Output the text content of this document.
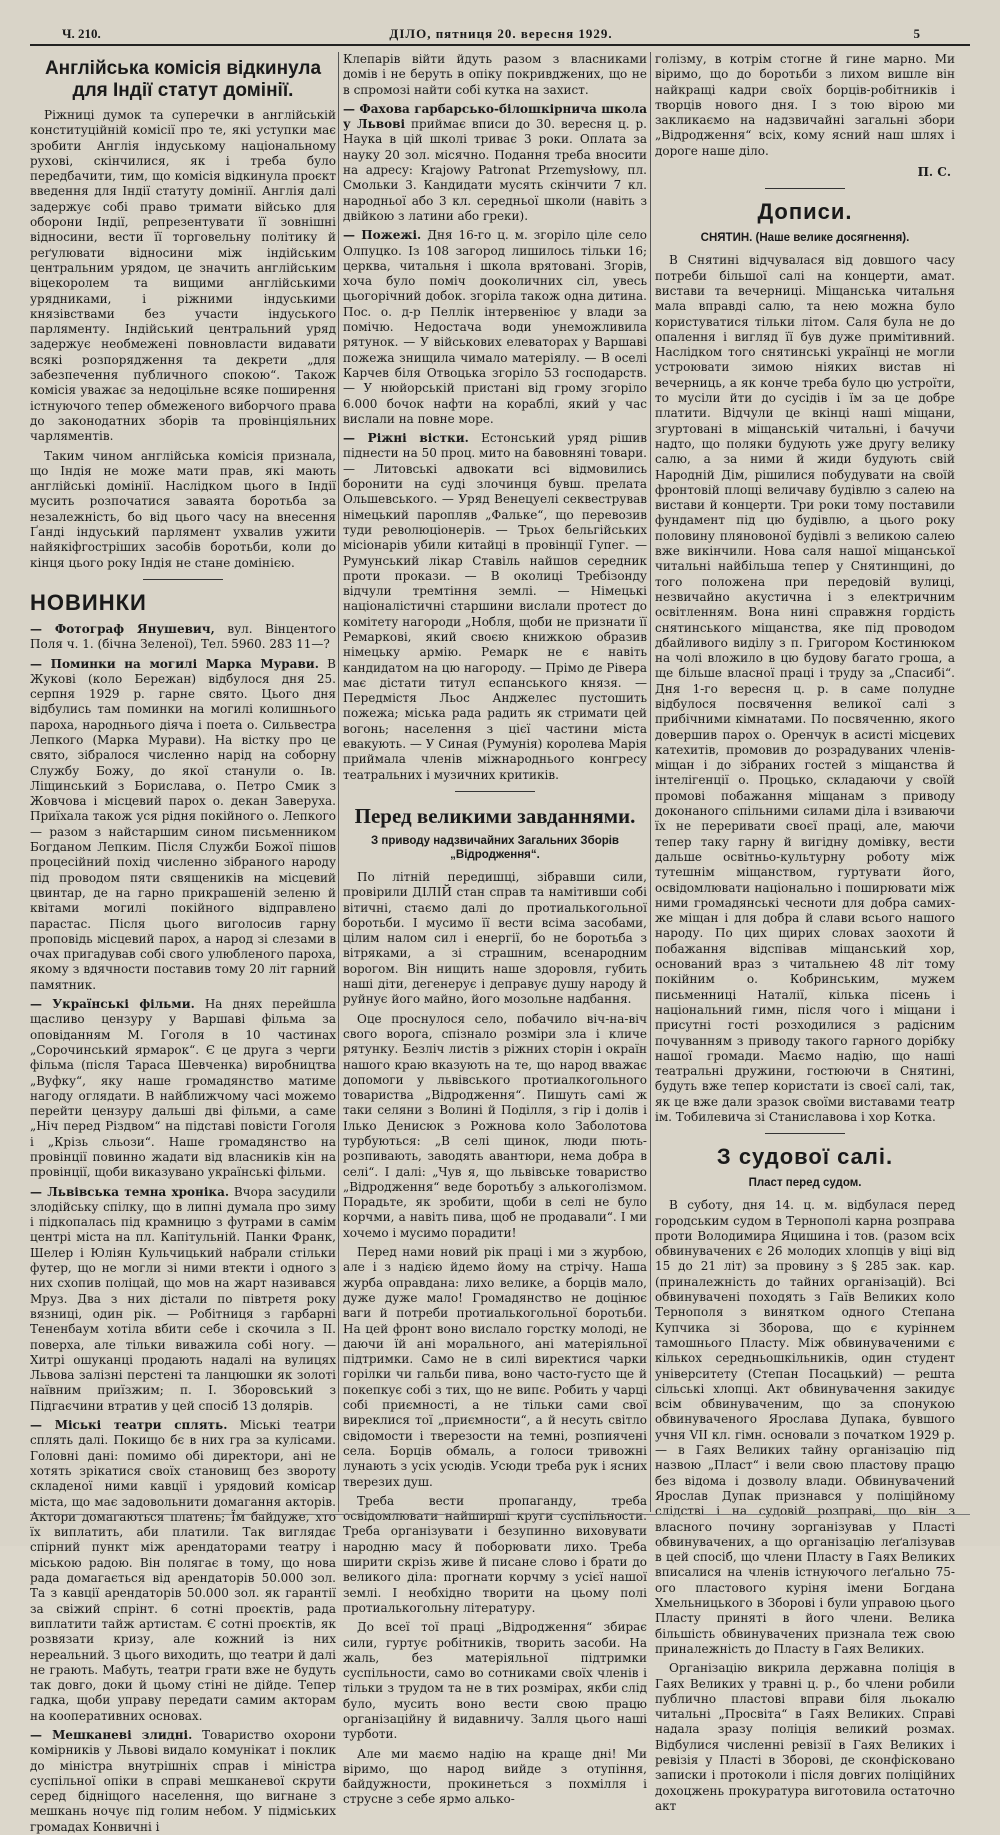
Ч. 210.	ДІЛО, пятниця 20. вересня 1929.	5
Англійська комісія відкинула для Індії статут домінії.

Ріжниці думок та суперечки в англійській конституційній комісії про те, які уступки має зробити Англія індуському національному рухові, скінчилися, як і треба було передбачити, тим, що комісія відкинула проєкт введення для Індії статуту домінії. Англія далі задержує собі право тримати військо для оборони Індії, репрезентувати її зовнішні відносини, вести її торговельну політику й реґулювати відносини між індійським центральним урядом, це значить англійським віцекоролем та вищими англійськими урядниками, і ріжними індуськими князівствами без участи індуського парляменту. Індійський центральний уряд задержує необмежені повновласти видавати всякі розпорядження та декрети „для забезпечення публичного спокою“. Також комісія уважає за недоцільне всяке поширення істнуючого тепер обмеженого виборчого права до законодатних зборів та провінціяльних чарляментів.

Таким чином англійська комісія признала, що Індія не може мати прав, які мають англійські домінії. Наслідком цього в Індії мусить розпочатися заваята боротьба за незалежність, бо від цього часу на внесення Ґанді індуський парлямент ухвалив ужити найякіфгостріших засобів боротьби, коли до кінця цього року Індія не стане домінією.

НОВИНКИ

— Фотограф Янушевич, вул. Вінцентого Поля ч. 1. (бічна Зеленої), Тел. 5960. 283 11—?

— Поминки на могилі Марка Мурави. В Жукові (коло Бережан) відбулося дня 25. серпня 1929 р. гарне свято. Цього дня відбулись там поминки на могилі колишнього пароха, народнього діяча і поета о. Сильвестра Лепкого (Марка Мурави). На вістку про це свято, зібралося численно нарід на соборну Службу Божу, до якої станули о. Ів. Ліщинський з Борислава, о. Петро Смик з Жовчова і місцевий парох о. декан Заверуха. Приїхала також уся рідня покійного о. Лепкого — разом з найстаршим сином письменником Богданом Лепким. Після Служби Божої пішов процесійний похід численно зібраного народу під проводом пяти священиків на місцевий цвинтар, де на гарно прикрашеній зеленю й квітами могилі покійного відправлено парастас. Після цього виголосив гарну проповідь місцевий парох, а народ зі слезами в очах пригадував собі свого улюбленого пароха, якому з вдячности поставив тому 20 літ гарний памятник.

— Українські фільми. На днях перейшла щасливо цензуру у Варшаві фільма за оповіданням М. Гоголя в 10 частинах „Сорочинський ярмарок“. Є це друга з черги фільма (після Тараса Шевченка) виробництва „Вуфку“, яку наше громадянство матиме нагоду оглядати. В найближчому часі можемо перейти цензуру дальші дві фільми, а саме „Ніч перед Різдвом“ на підставі повісти Гоголя і „Крізь сльози“. Наше громадянство на провінції повинно жадати від власників кін на провінції, щоби виказувано українські фільми.

— Львівська темна хроніка. Вчора засудили злодійську спілку, що в липні думала про зиму і підкопалась під крамницю з футрами в самім центрі міста на пл. Капітульній. Панки Франк, Шелер і Юліян Кульчицький набрали стільки футер, що не могли зі ними втекти і одного з них схопив поліцай, що мов на жарт називався Мруз. Два з них дістали по півтретя року вязниці, один рік. — Робітниця з гарбарні Тененбаум хотіла вбити себе і скочила з II. поверха, але тільки виважила собі ногу. — Хитрі ошуканці продають надалі на вулицях Львова залізні перстені та ланцюшки як золоті наївним приїзжим; п. І. Зборовський з Підгаєчини втратив у цей спосіб 13 долярів.

— Міські театри сплять. Міські театри сплять далі. Покищо бє в них гра за кулісами. Головні дані: помимо обі директори, ані не хотять зрікатися своїх становищ без звороту складеної ними кавції і урядовий комісар міста, що має задовольнити домагання акторів. Актори домагаються платень; Їм байдуже, хто їх виплатить, аби платили. Так виглядає спірний пункт між арендаторами театру і міською радою. Він полягає в тому, що нова рада домагається від арендаторів 50.000 зол. Та з кавції арендаторів 50.000 зол. як гарантії за свіжий спрінт. 6 сотні проєктів, рада виплатити тайж артистам. Є сотні проєктів, як розвязати кризу, але кожний із них нереальний. З цього виходить, що театри й далі не грають. Мабуть, театри грати вже не будуть так довго, доки й цьому стіні не дійде. Тепер гадка, щоби управу передати самим акторам на кооперативних основах.

— Мешканеві злидні. Товариство охорони комірників у Львові видало комунікат і поклик до міністра внутрішніх справ і міністра суспільної опіки в справі мешканевої скрути серед бідніщого населення, що вигнане з мешкань ночує під голим небом. У підміських громадах Конвичні і

Клепарів війти йдуть разом з власниками домів і не беруть в опіку покривджених, що не в спромозі найти собі кутка на захист.

— Фахова гарбарсько-білошкірнича школа у Львові приймає вписи до 30. вересня ц. р. Наука в цій школі триває 3 роки. Оплата за науку 20 зол. місячно. Подання треба вносити на адресу: Krajowy Patronat Przemysłowy, пл. Смольки 3. Кандидати мусять скінчити 7 кл. народньої або 3 кл. середньої школи (навіть з двійкою з латини або греки).

— Пожежі. Дня 16-го ц. м. згоріло ціле село Олпуцко. Із 108 загород лишилось тільки 16; церква, читальня і школа врятовані. Згорів, хоча було поміч дооколичних сіл, увесь цьогорічний добок. згоріла також одна дитина. Пос. о. д-р Пеллік інтервеніює у влади за помічю. Недостача води унеможливила рятунок. — У військових елеваторах у Варшаві пожежа знищила чимало матеріялу. — В оселі Карчев біля Отвоцька згоріло 53 господарств. — У нюйорській пристані від грому згоріло 6.000 бочок нафти на кораблі, який у час вислали на повне море.

— Ріжні вістки. Естонський уряд рішив піднести на 50 проц. мито на бавовняні товари. — Литовські адвокати всі відмовились боронити на суді злочинця бувш. прелата Ольшевського. — Уряд Венецуелі секвестрував німецький паропляв „Фальке“, що перевозив туди революціонерів. — Трьох бельгійських місіонарів убили китайці в провінції Гупег. — Румунський лікар Ставіль найшов середник проти прокази. — В околиці Требізонду відчули тремтіння землі. — Німецькі націоналістичні старшини вислали протест до комітету нагороди „Нобля, щоби не признати її Ремаркові, який своєю книжкою образив німецьку армію. Ремарк не є навіть кандидатом на цю нагороду. — Прімо де Ріверa має дістати титул еспанського князя. — Передмістя Льос Анджелес пустошить пожежа; міська рада радить як стримати цей вогонь; населення з цієї частини міста евакують. — У Синая (Румунія) королева Марія приймала членів міжнароднього конгресу театральних і музичних критиків.

Перед великими завданнями.
З приводу надзвичайних Загальних Зборів „Відродження“.

По літній передишці, зібравши сили, провірили ДІЛІЙ стан справ та намітивши собі вітичні, стаємо далі до протиалькогольної боротьби. І мусимо її вести всіма засобами, цілим налом сил і енергії, бо не боротьба з вітряками, а зі страшним, всенародним ворогом. Він нищить наше здоровля, губить наші діти, дегенерує і деправує душу народу й руйнує його майно, його мозольне надбання.

Оце проснулося село, побачило віч-на-віч свого ворога, спізнало розміри зла і кличе рятунку. Безліч листів з ріжних сторін і окраїн нашого краю вказують на те, що народ вважає допомоги у львівського протиалкогольного товариства „Відродження“. Пишуть самі ж таки селяни з Волині й Поділля, з гір і долів і Ілько Денисюк з Рожнова коло Заболотова турбуються: „В селі щинок, люди пють-розпивають, заводять авантюри, нема добра в селі“. І далі: „Чув я, що львівське товариство „Відродження“ веде боротьбу з алькоголізмом. Порадьте, як зробити, щоби в селі не було корчми, а навіть пива, щоб не продавали“. І ми хочемо і мусимо порадити!

Перед нами новий рік праці і ми з журбою, але і з надією йдемо йому на стрічу. Наша журба оправдана: лихо велике, а борців мало, дуже дуже мало! Громадянство не доцінює ваги й потреби протиалькогольної боротьби. На цей фронт воно вислало горстку молоді, не даючи їй ані морального, ані матеріяльної підтримки. Само не в силі виректися чарки горілки чи гальби пива, воно часто-густо ще й покепкує собі з тих, що не випє. Робить у чарці собі приємності, а не тільки сами свої виреклися тої „приємности“, а й несуть світло свідомости і тверезости на темні, розпиячені села. Борців обмаль, а голоси тривожні лунають з усіх усюдів. Усюди треба рук і ясних тверезих душ.

Треба вести пропаганду, треба освідомлювати найширші круги суспільности. Треба організувати і безупинно виховувати народню масу й поборювати лихо. Треба ширити скрізь живе й писане слово і брати до великого діла: прогнати корчму з усієї нашої землі. І необхідно творити на цьому полі протиалькогольну літературу.

До всеї тої праці „Відродження“ збирає сили, гуртує робітників, творить засоби. На жаль, без матеріяльної підтримки суспільности, само во сотниками своїх членів і тільки з трудом та не в тих розмірах, якби слід було, мусить воно вести свою працю організаційну й видавничу. Залля цього наші турботи.

Але ми маємо надію на краще дні! Ми віримо, що народ вийде з отупіння, байдужности, прокинеться з похмілля і струсне з себе ярмо алько-

голізму, в котрім стогне й гине марно. Ми віримо, що до боротьби з лихом вишле він найкращі кадри своїх борців-робітників і творців нового дня. І з тою вірою ми закликаємо на надзвичайні загальні збори „Відродження“ всіх, кому ясний наш шлях і дороге наше діло.

П. С.
Дописи.
СНЯТИН. (Наше велике досягнення).

В Снятині відчувалася від довшого часу потреби більшої салі на концерти, амат. вистави та вечерниці. Міщанська читальня мала вправді салю, та нею можна було користуватися тільки літом. Саля була не до опалення і вигляд її був дуже примітивний. Наслідком того снятинські українці не могли устроювати зимою ніяких вистав ні вечерниць, а як конче треба було цю устроїти, то мусіли йти до сусідів і їм за це добре платити. Відчули це вкінці наші міщани, згуртовані в міщанській читальні, і бачучи надто, що поляки будують уже другу велику салю, а за ними й жиди будують свій Народній Дім, рішилися побудувати на своїй фронтовій площі величаву будівлю з салею на вистави й концерти. Три роки тому поставили фундамент під цю будівлю, а цього року половину пляновоної будівлі з великою салею вже викінчили. Нова саля нашої міщанської читальні найбільша тепер у Снятинщині, до того положена при передовій вулиці, незвичайно акустична і з електричним освітленням. Вона нині справжня гордість снятинського міщанства, яке під проводом дбайливого виділу з п. Григором Костинюком на чолі вложило в цю будову багато гроша, а ще більше власної праці і труду за „Спасибі“. Дня 1-го вересня ц. р. в саме полудне відбулося посвячення великої салі з прибічними кімнатами. По посвяченню, якого довершив парох о. Оренчук в асисті місцевих катехитів, промовив до розрадуваних членів-міщан і до зібраних гостей з міщанства й інтелігенції о. Процько, складаючи у своїй промові побажання міщанам з приводу доконаного спільними силами діла і взиваючи їх не переривати своєї праці, але, маючи тепер таку гарну й вигідну домівку, вести дальше освітньо-культурну роботу між тутешнім міщанством, гуртувати його, освідомлювати національно і поширювати між ними громадянські чесноти для добра самих-же міщан і для добра й слави всього нашого народу. По цих щирих словах заохоти й побажання відспівав міщанський хор, оснований враз з читальнею 48 літ тому покійним о. Кобринським, мужем письменниці Наталії, кілька пісень і національний гимн, після чого і міщани і присутні гості розходилися з радісним почуванням з приводу такого гарного дорібку нашої громади. Маємо надію, що наші театральні дружини, гостюючи в Снятині, будуть вже тепер користати із своєї салі, так, як це вже дали зразок своїми виставами театр ім. Тобилевича зі Станиславова і хор Котка.

З судової салі.
Пласт перед судом.

В суботу, дня 14. ц. м. відбулася перед городським судом в Тернополі карна розправа проти Володимира Яцишина і тов. (разом всіх обвинувачених є 26 молодих хлопців у віці від 15 до 21 літ) за провину з § 285 зак. кар. (приналежність до тайних організацій). Всі обвинувачені походять з Гаїв Великих коло Тернополя з винятком одного Степана Купчика зі Зборова, що є куріннем тамошнього Пласту. Між обвинуваченими є кількох середньошкільників, один студент університету (Степан Посацький) — решта сільські хлопці. Акт обвинувачення закидує всім обвинуваченим, що за спонукою обвинуваченого Ярослава Дупака, бувшого учня VII кл. гімн. основали з початком 1929 р. — в Гаях Великих тайну організацію під назвою „Пласт“ і вели свою пластову працю без відома і дозволу влади. Обвинувачений Ярослав Дупак признався у поліційному слідстві і на судовій розправі, що він з власного почину зорганізував у Пласті обвинувачених, а що організацію леґалізував в цей спосіб, що члени Пласту в Гаях Великих вписалися на членів істнуючого леґально 75-ого пластового куріня імени Богдана Хмельницького в Зборові і були управою цього Пласту приняті в його члени. Велика більшість обвинувачених признала теж свою приналежність до Пласту в Гаях Великих.

Організацію викрила державна поліція в Гаях Великих у травні ц. р., бо члени робили публично пластові вправи біля льокалю читальні „Просвіта“ в Гаях Великих. Справі надала зразу поліція великий розмах. Відбулися численні ревізії в Гаях Великих і ревізія у Пласті в Зборові, де сконфісковано записки і протоколи і після довгих поліційних дохоцжень прокуратура виготовила остаточно акт
